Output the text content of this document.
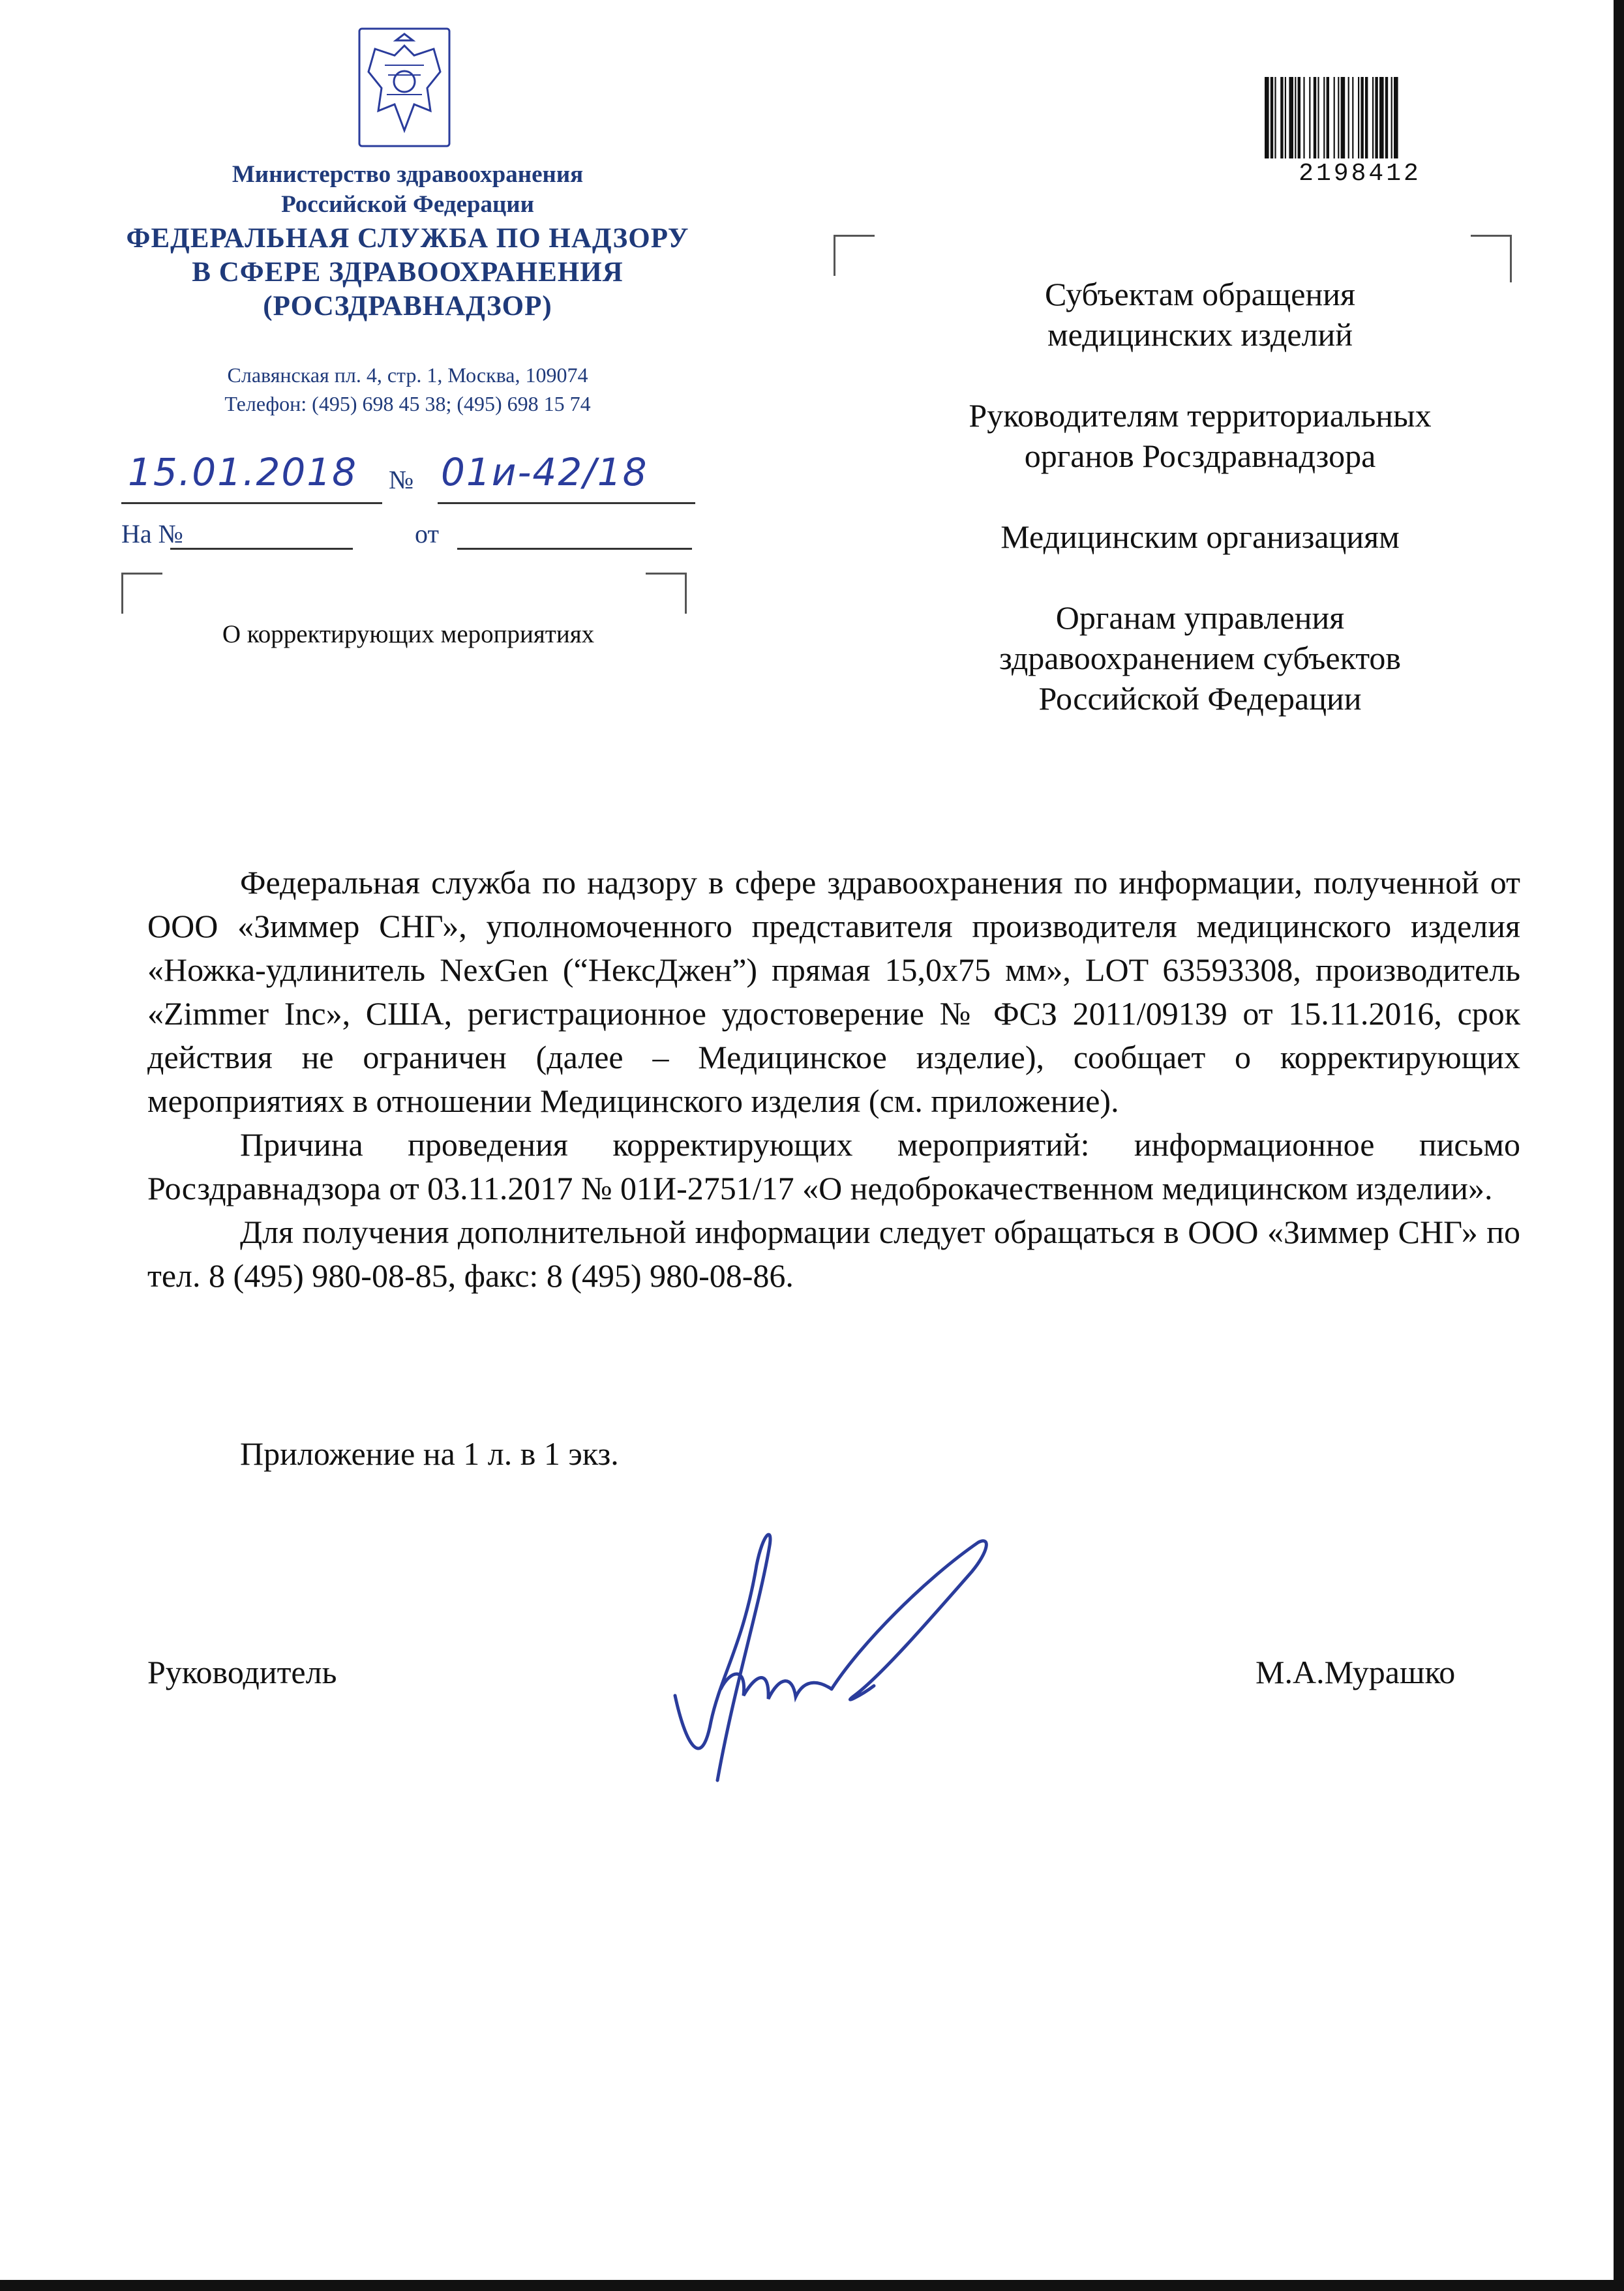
Министерство здравоохранения
Российской Федерации
ФЕДЕРАЛЬНАЯ СЛУЖБА ПО НАДЗОРУ
В СФЕРЕ ЗДРАВООХРАНЕНИЯ
(РОСЗДРАВНАДЗОР)
Славянская пл. 4, стр. 1, Москва, 109074
Телефон: (495) 698 45 38; (495) 698 15 74
15.01.2018 № 01и-42/18
На №	от
О корректирующих мероприятиях
2198412
Субъектам обращения
медицинских изделий
Руководителям территориальных
органов Росздравнадзора
Медицинским организациям
Органам управления
здравоохранением субъектов
Российской Федерации

Федеральная служба по надзору в сфере здравоохранения по информации, полученной от ООО «Зиммер СНГ», уполномоченного представителя производителя медицинского изделия «Ножка-удлинитель NexGen (“НексДжен”) прямая 15,0х75 мм», LOT 63593308, производитель «Zimmer Inc», США, регистрационное удостоверение № ФСЗ 2011/09139 от 15.11.2016, срок действия не ограничен (далее – Медицинское изделие), сообщает о корректирующих мероприятиях в отношении Медицинского изделия (см. приложение).

Причина проведения корректирующих мероприятий: информационное письмо Росздравнадзора от 03.11.2017 № 01И-2751/17 «О недоброкачественном медицинском изделии».

Для получения дополнительной информации следует обращаться в ООО «Зиммер СНГ» по тел. 8 (495) 980-08-85, факс: 8 (495) 980-08-86.

Приложение на 1 л. в 1 экз.
Руководитель	М.А.Мурашко
